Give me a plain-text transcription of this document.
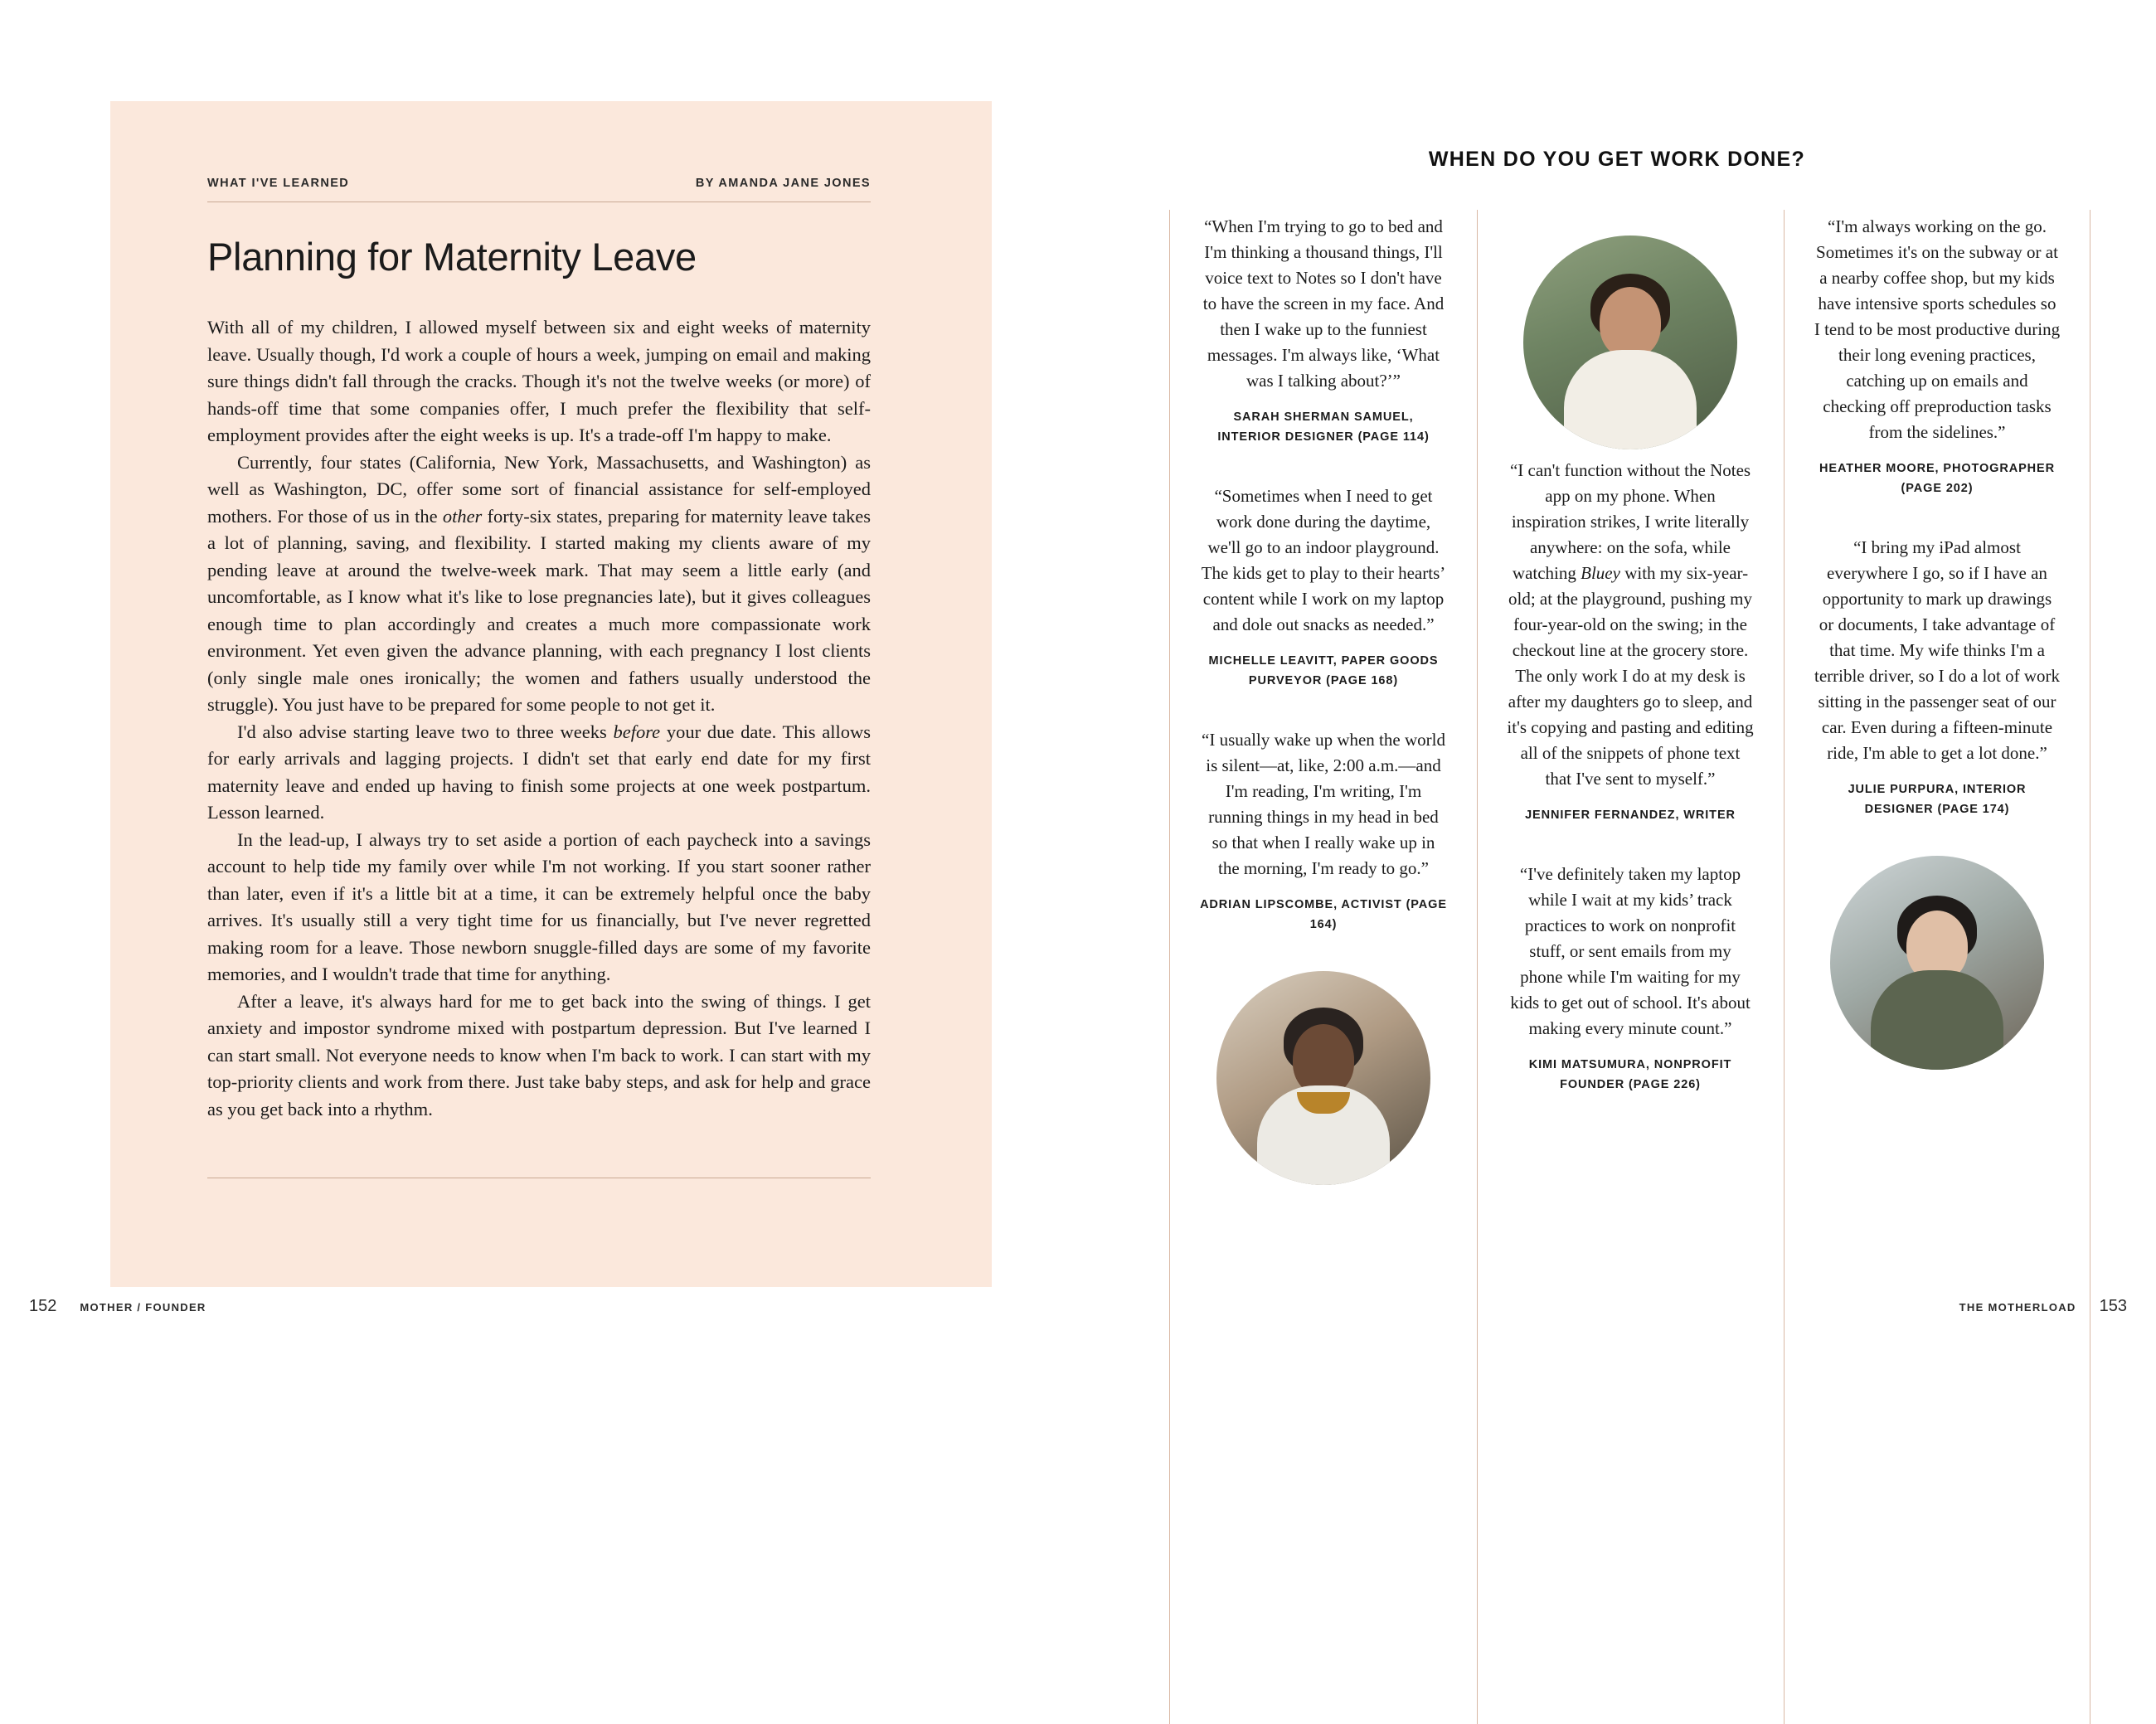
WHAT I'VE LEARNED	BY AMANDA JANE JONES
Planning for Maternity Leave

With all of my children, I allowed myself between six and eight weeks of maternity leave. Usually though, I'd work a couple of hours a week, jumping on email and making sure things didn't fall through the cracks. Though it's not the twelve weeks (or more) of hands-off time that some companies offer, I much prefer the flexibility that self-employment provides after the eight weeks is up. It's a trade-off I'm happy to make.

Currently, four states (California, New York, Massachusetts, and Washington) as well as Washington, DC, offer some sort of financial assistance for self-employed mothers. For those of us in the other forty-six states, preparing for maternity leave takes a lot of planning, saving, and flexibility. I started making my clients aware of my pending leave at around the twelve-week mark. That may seem a little early (and uncomfortable, as I know what it's like to lose pregnancies late), but it gives colleagues enough time to plan accordingly and creates a much more compassionate work environment. Yet even given the advance planning, with each pregnancy I lost clients (only single male ones ironically; the women and fathers usually understood the struggle). You just have to be prepared for some people to not get it.

I'd also advise starting leave two to three weeks before your due date. This allows for early arrivals and lagging projects. I didn't set that early end date for my first maternity leave and ended up having to finish some projects at one week postpartum. Lesson learned.

In the lead-up, I always try to set aside a portion of each paycheck into a savings account to help tide my family over while I'm not working. If you start sooner rather than later, even if it's a little bit at a time, it can be extremely helpful once the baby arrives. It's usually still a very tight time for us financially, but I've never regretted making room for a leave. Those newborn snuggle-filled days are some of my favorite memories, and I wouldn't trade that time for anything.

After a leave, it's always hard for me to get back into the swing of things. I get anxiety and impostor syndrome mixed with postpartum depression. But I've learned I can start small. Not everyone needs to know when I'm back to work. I can start with my top-priority clients and work from there. Just take baby steps, and ask for help and grace as you get back into a rhythm.

152 MOTHER / FOUNDER
WHEN DO YOU GET WORK DONE?

“When I'm trying to go to bed and I'm thinking a thousand things, I'll voice text to Notes so I don't have to have the screen in my face. And then I wake up to the funniest messages. I'm always like, ‘What was I talking about?’”

SARAH SHERMAN SAMUEL, INTERIOR DESIGNER (PAGE 114)

“Sometimes when I need to get work done during the daytime, we'll go to an indoor playground. The kids get to play to their hearts’ content while I work on my laptop and dole out snacks as needed.”

MICHELLE LEAVITT, PAPER GOODS PURVEYOR (PAGE 168)

“I usually wake up when the world is silent—at, like, 2:00 a.m.—and I'm reading, I'm writing, I'm running things in my head in bed so that when I really wake up in the morning, I'm ready to go.”

ADRIAN LIPSCOMBE, ACTIVIST (PAGE 164)

“I can't function without the Notes app on my phone. When inspiration strikes, I write literally anywhere: on the sofa, while watching Bluey with my six-year-old; at the playground, pushing my four-year-old on the swing; in the checkout line at the grocery store. The only work I do at my desk is after my daughters go to sleep, and it's copying and pasting and editing all of the snippets of phone text that I've sent to myself.”

JENNIFER FERNANDEZ, WRITER

“I've definitely taken my laptop while I wait at my kids’ track practices to work on nonprofit stuff, or sent emails from my phone while I'm waiting for my kids to get out of school. It's about making every minute count.”

KIMI MATSUMURA, NONPROFIT FOUNDER (PAGE 226)

“I'm always working on the go. Sometimes it's on the subway or at a nearby coffee shop, but my kids have intensive sports schedules so I tend to be most productive during their long evening practices, catching up on emails and checking off preproduction tasks from the sidelines.”

HEATHER MOORE, PHOTOGRAPHER (PAGE 202)

“I bring my iPad almost everywhere I go, so if I have an opportunity to mark up drawings or documents, I take advantage of that time. My wife thinks I'm a terrible driver, so I do a lot of work sitting in the passenger seat of our car. Even during a fifteen-minute ride, I'm able to get a lot done.”

JULIE PURPURA, INTERIOR DESIGNER (PAGE 174)

THE MOTHERLOAD 153
